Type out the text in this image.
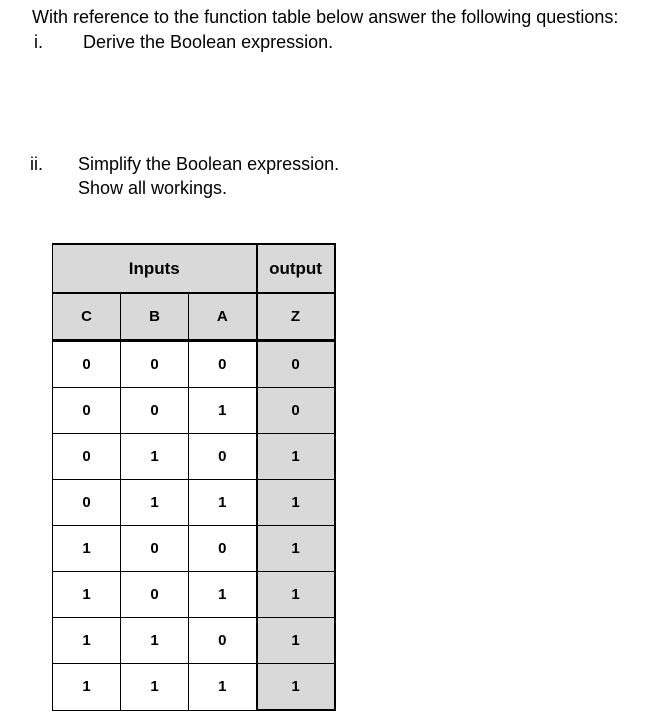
With reference to the function table below answer the following questions:
i. Derive the Boolean expression.
ii. Simplify the Boolean expression.
Show all workings.
Inputs			output
C	B	A	Z
0	0	0	0
0	0	1	0
0	1	0	1
0	1	1	1
1	0	0	1
1	0	1	1
1	1	0	1
1	1	1	1
